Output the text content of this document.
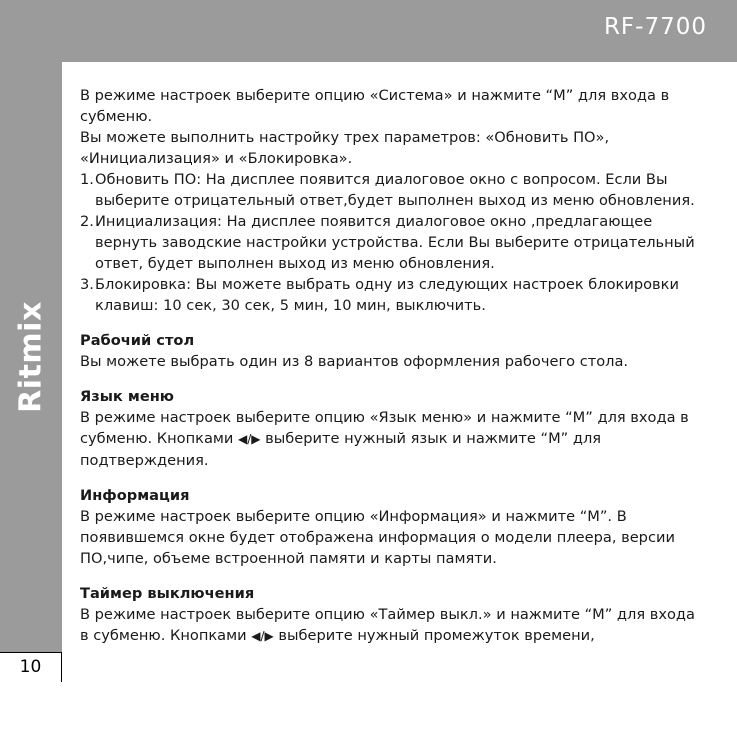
RF-7700
Ritmix
10

В режиме настроек выберите опцию «Система» и нажмите “M” для входа в субменю.

Вы можете выполнить настройку трех параметров: «Обновить ПО», «Инициализация» и «Блокировка».

1. Обновить ПО: На дисплее появится диалоговое окно с вопросом. Если Вы выберите отрицательный ответ,будет выполнен выход из меню обновления.
2. Инициализация: На дисплее появится диалоговое окно ,предлагающее вернуть заводские настройки устройства. Если Вы выберите отрицательный ответ, будет выполнен выход из меню обновления.
3. Блокировка: Вы можете выбрать одну из следующих настроек блокировки клавиш: 10 сек, 30 сек, 5 мин, 10 мин, выключить.

Рабочий стол

Вы можете выбрать один из 8 вариантов оформления рабочего стола.

Язык меню

В режиме настроек выберите опцию «Язык меню» и нажмите “M” для входа в субменю. Кнопками ◀/▶ выберите нужный язык и нажмите “M” для подтверждения.

Информация

В режиме настроек выберите опцию «Информация» и нажмите “M”. В появившемся окне будет отображена информация о модели плеера, версии ПО,чипе, объеме встроенной памяти и карты памяти.

Таймер выключения

В режиме настроек выберите опцию «Таймер выкл.» и нажмите “M” для входа в субменю. Кнопками ◀/▶ выберите нужный промежуток времени,
